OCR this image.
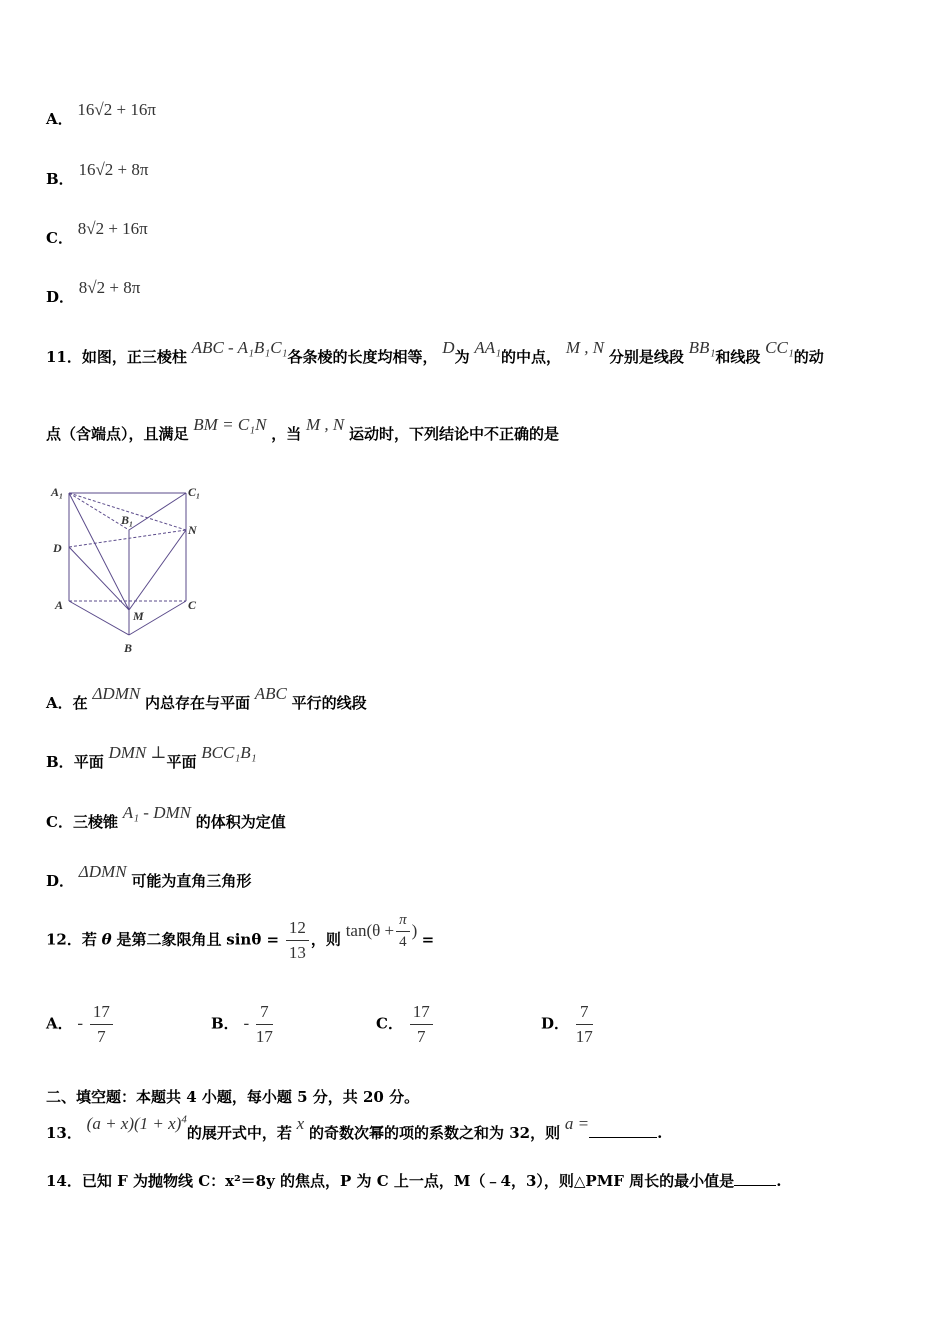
A． 16√2 + 16π
B． 16√2 + 8π
C． 8√2 + 16π
D． 8√2 + 8π
11．如图，正三棱柱 ABC - A₁B₁C₁各条棱的长度均相等， D为 AA₁的中点， M , N 分别是线段 BB₁和线段 CC₁的动
点（含端点），且满足 BM = C₁N ，当 M , N 运动时，下列结论中不正确的是
A₁	C₁
B₁
N
D
A	C
M
B
A．在 ΔDMN 内总存在与平面 ABC 平行的线段
B．平面 DMN ⊥平面 BCC₁B₁
C．三棱锥 A₁ - DMN 的体积为定值
D． ΔDMN 可能为直角三角形
12．若 θ 是第二象限角且 $\sin\theta = \frac{12}{13}$ ，则 $\tan(\theta + \frac{\pi}{4}$ ) =
A． - $\frac{17}{7}$	B． - $\frac{7}{17}$	C． $\frac{17}{7}$	D． $\frac{7}{17}$
二、填空题：本题共 4 小题，每小题 5 分，共 20 分。
13． $(a + x)(1 + x)^4$的展开式中，若 x 的奇数次幂的项的系数之和为 32，则 a =	.
14．已知 F 为抛物线 C：x²＝8y 的焦点，P 为 C 上一点，M（﹣4，3），则△PMF 周长的最小值是	.
